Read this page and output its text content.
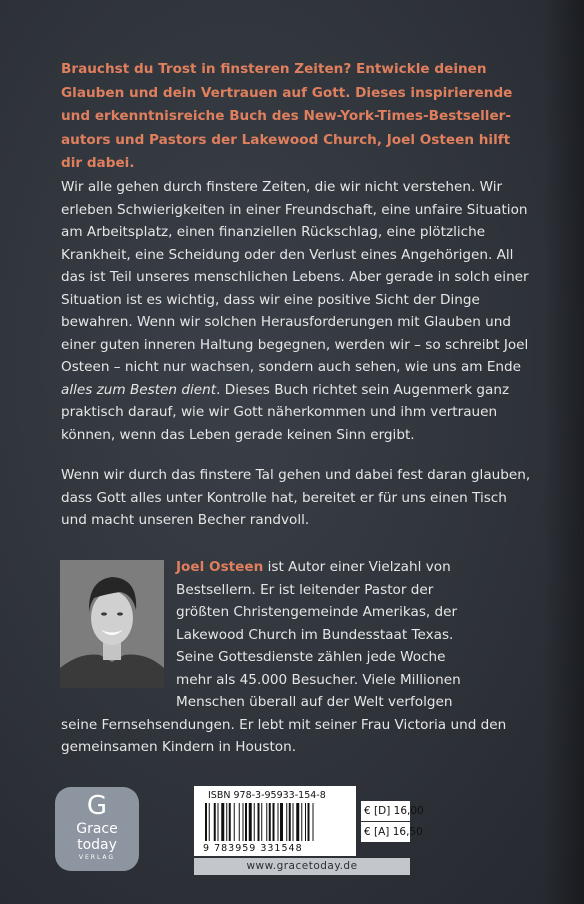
Brauchst du Trost in finsteren Zeiten? Entwickle deinen Glauben und dein Vertrauen auf Gott. Dieses inspirierende und erkenntnisreiche Buch des New-York-Times-Bestseller-autors und Pastors der Lakewood Church, Joel Osteen hilft dir dabei.

Wir alle gehen durch finstere Zeiten, die wir nicht verstehen. Wir erleben Schwierigkeiten in einer Freundschaft, eine unfaire Situation am Arbeitsplatz, einen finanziellen Rückschlag, eine plötzliche Krankheit, eine Scheidung oder den Verlust eines Angehörigen. All das ist Teil unseres menschlichen Lebens. Aber gerade in solch einer Situation ist es wichtig, dass wir eine positive Sicht der Dinge bewahren. Wenn wir solchen Herausforderungen mit Glauben und einer guten inneren Haltung begegnen, werden wir – so schreibt Joel Osteen – nicht nur wachsen, sondern auch sehen, wie uns am Ende alles zum Besten dient. Dieses Buch richtet sein Augenmerk ganz praktisch darauf, wie wir Gott näherkommen und ihm vertrauen können, wenn das Leben gerade keinen Sinn ergibt.

Wenn wir durch das finstere Tal gehen und dabei fest daran glauben, dass Gott alles unter Kontrolle hat, bereitet er für uns einen Tisch und macht unseren Becher randvoll.

Joel Osteen ist Autor einer Vielzahl von
Bestsellern. Er ist leitender Pastor der
größten Christengemeinde Amerikas, der
Lakewood Church im Bundesstaat Texas.
Seine Gottesdienste zählen jede Woche
mehr als 45.000 Besucher. Viele Millionen
Menschen überall auf der Welt verfolgen
seine Fernsehsendungen. Er lebt mit seiner Frau Victoria und den
gemeinsamen Kindern in Houston.
G
Grace
today
VERLAG
ISBN 978-3-95933-154-8
9 783959 331548
€ [D] 16,00
€ [A] 16,50
www.gracetoday.de
